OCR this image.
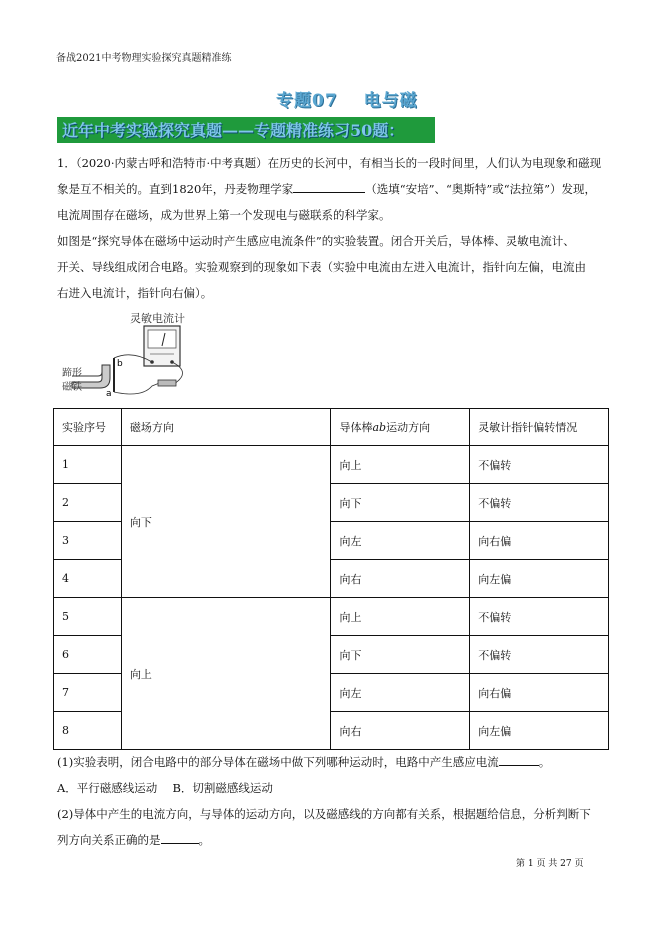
备战2021中考物理实验探究真题精准练
专题07 电与磁
近年中考实验探究真题——专题精准练习50题：
1．（2020·内蒙古呼和浩特市·中考真题）在历史的长河中，有相当长的一段时间里，人们认为电现象和磁现
象是互不相关的。直到1820年，丹麦物理学家	（选填“安培”、“奥斯特”或“法拉第”）发现，
电流周围存在磁场，成为世界上第一个发现电与磁联系的科学家。
如图是“探究导体在磁场中运动时产生感应电流条件”的实验装置。闭合开关后，导体棒、灵敏电流计、
开关、导线组成闭合电路。实验观察到的现象如下表（实验中电流由左进入电流计，指针向左偏，电流由
右进入电流计，指针向右偏）。
灵敏电流计
b
a
蹄形
磁铁
实验序号	磁场方向	导体棒ab运动方向	灵敏计指针偏转情况
1	向下	向上	不偏转
2		向下	不偏转
3		向左	向右偏
4		向右	向左偏
5	向上	向上	不偏转
6		向下	不偏转
7		向左	向右偏
8		向右	向左偏
(1)实验表明，闭合电路中的部分导体在磁场中做下列哪种运动时，电路中产生感应电流	。
A．平行磁感线运动　 B．切割磁感线运动
(2)导体中产生的电流方向，与导体的运动方向，以及磁感线的方向都有关系，根据题给信息，分析判断下
列方向关系正确的是	。
第 1 页 共 27 页
